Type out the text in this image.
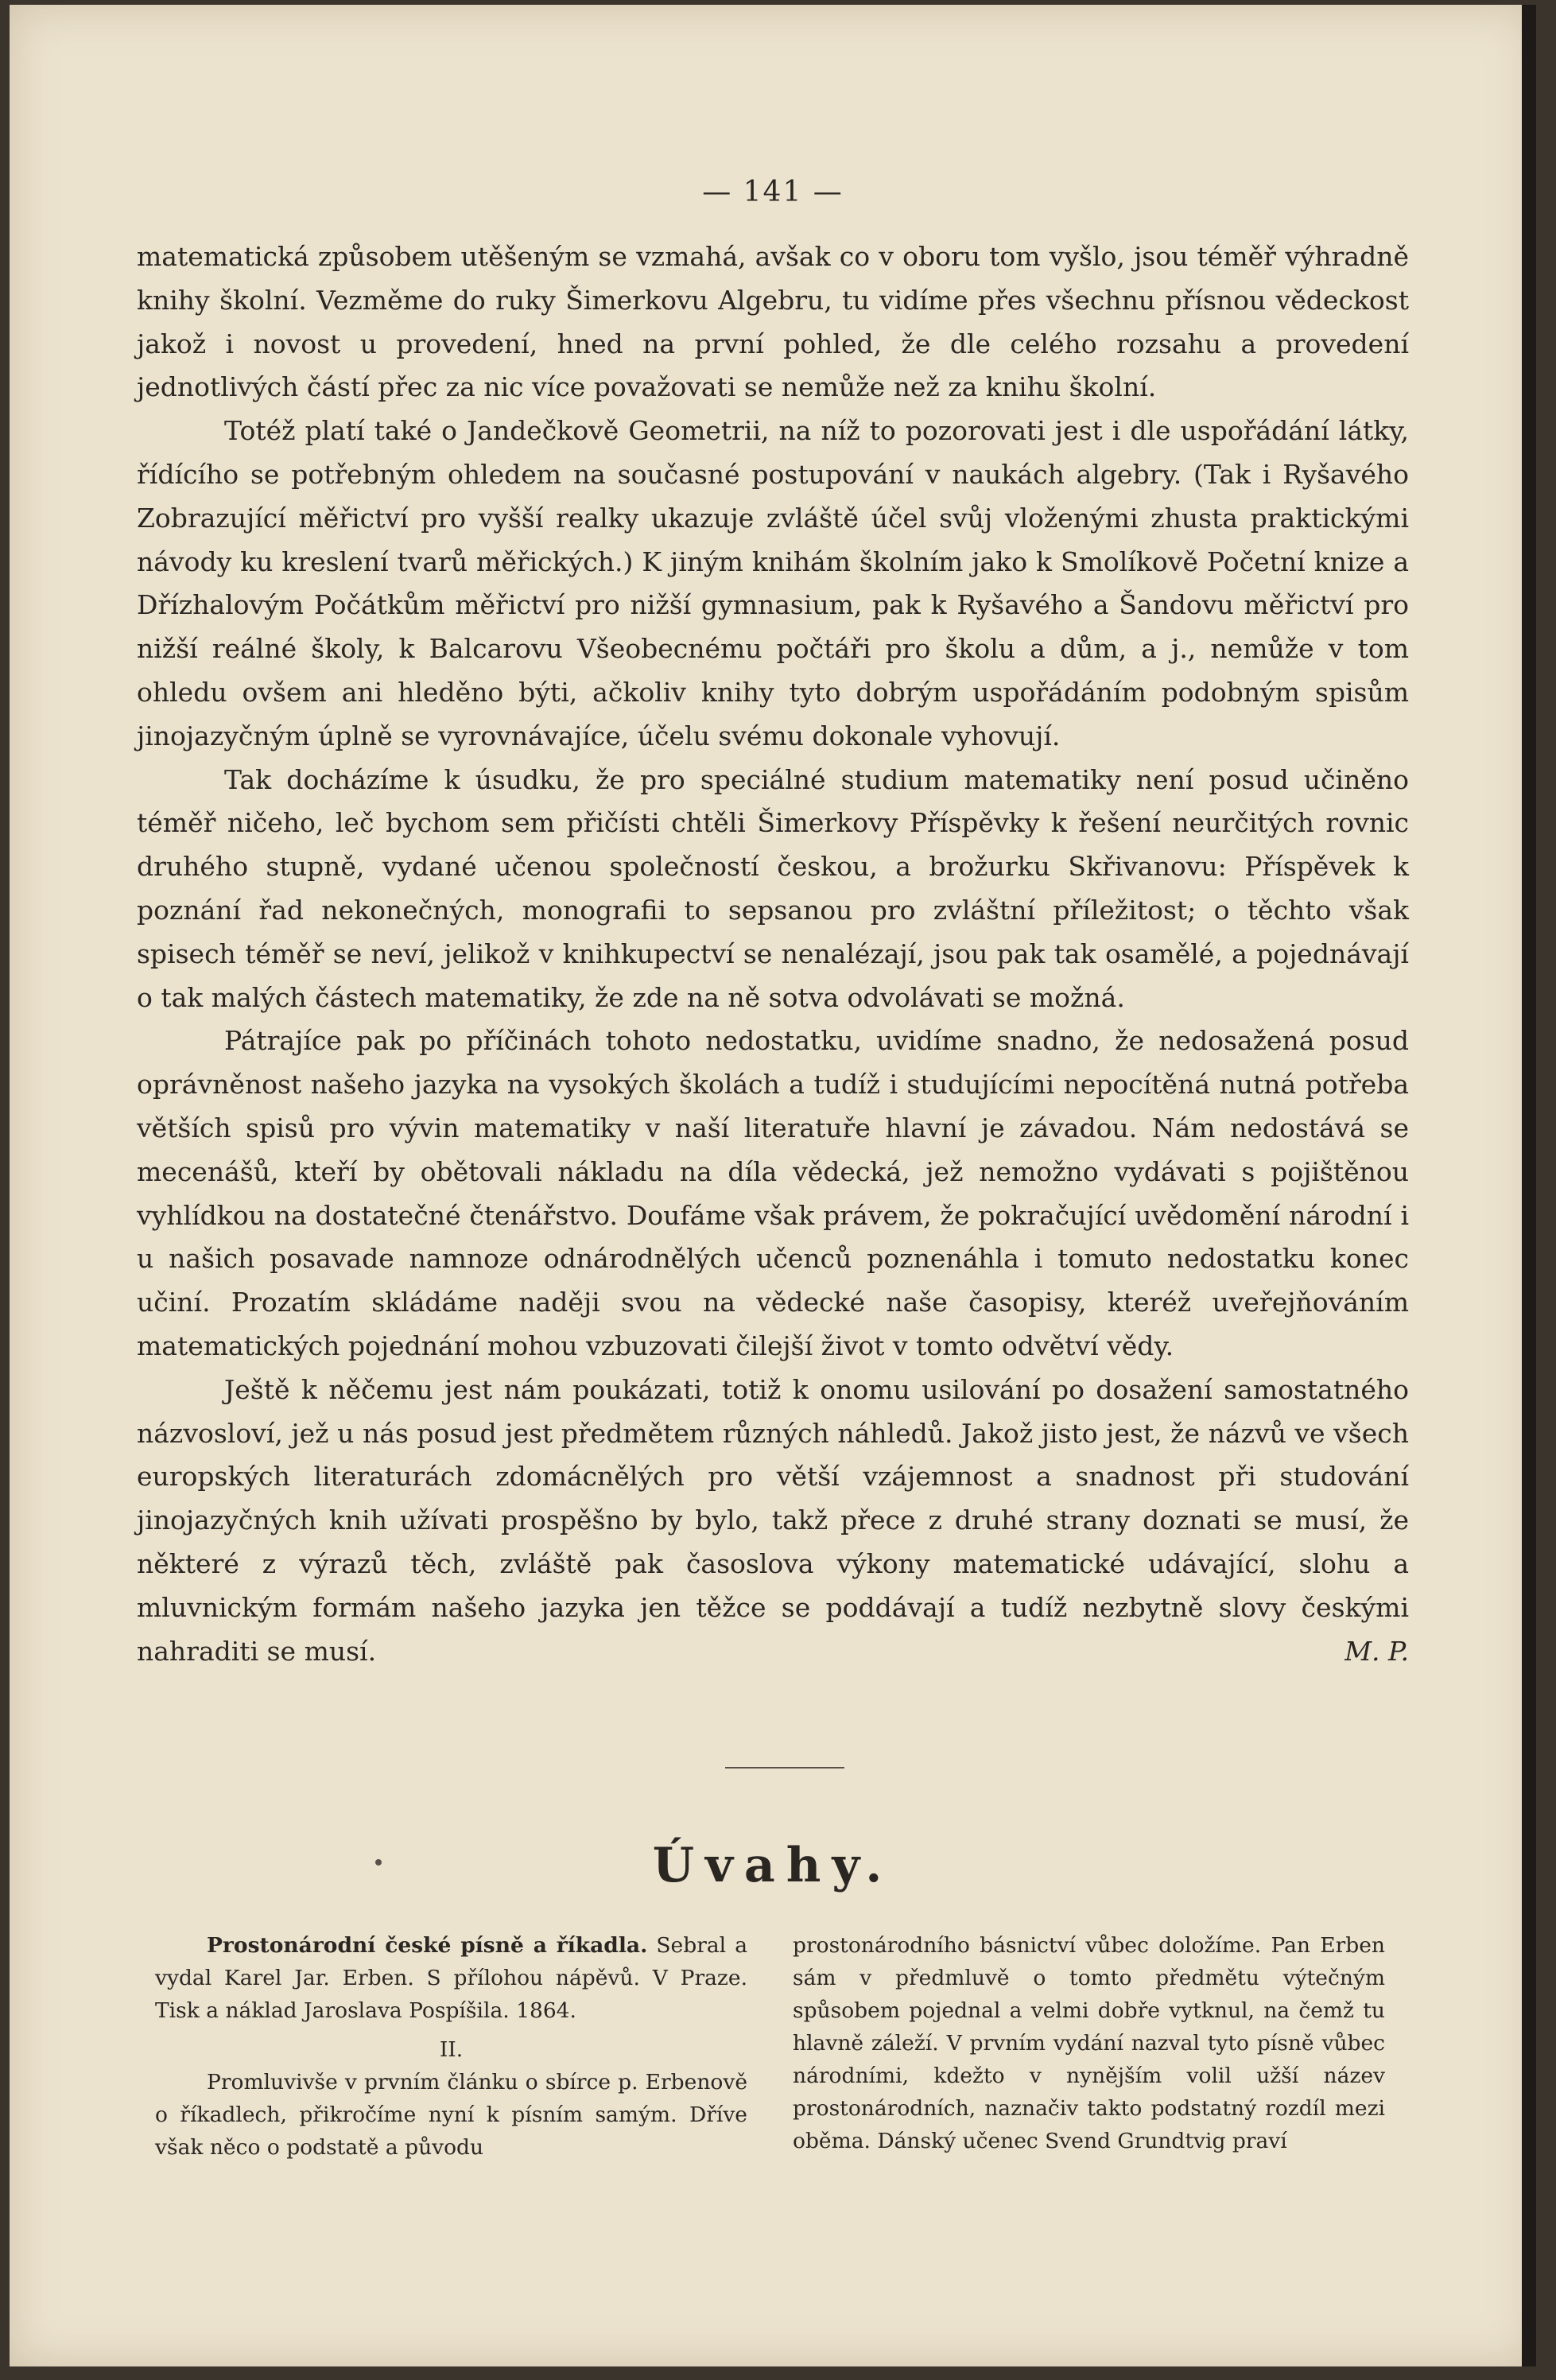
— 141 —

matematická způsobem utěšeným se vzmahá, avšak co v oboru tom vyšlo, jsou téměř výhradně knihy školní. Vezměme do ruky Šimerkovu Algebru, tu vidíme přes všechnu přísnou vědeckost jakož i novost u provedení, hned na první pohled, že dle celého rozsahu a provedení jednotlivých částí přec za nic více považovati se nemůže než za knihu školní.

Totéž platí také o Jandečkově Geometrii, na níž to pozorovati jest i dle uspořádání látky, řídícího se potřebným ohledem na současné postupování v naukách algebry. (Tak i Ryšavého Zobrazující měřictví pro vyšší realky ukazuje zvláště účel svůj vloženými zhusta praktickými návody ku kreslení tvarů měřických.) K jiným knihám školním jako k Smolíkově Početní knize a Dřízhalovým Počátkům měřictví pro nižší gymnasium, pak k Ryšavého a Šandovu měřictví pro nižší reálné školy, k Balcarovu Všeobecnému počtáři pro školu a dům, a j., nemůže v tom ohledu ovšem ani hleděno býti, ačkoliv knihy tyto dobrým uspořádáním podobným spisům jinojazyčným úplně se vyrovnávajíce, účelu svému dokonale vyhovují.

Tak docházíme k úsudku, že pro speciálné studium matematiky není posud učiněno téměř ničeho, leč bychom sem přičísti chtěli Šimerkovy Příspěvky k řešení neurčitých rovnic druhého stupně, vydané učenou společností českou, a brožurku Skřivanovu: Příspěvek k poznání řad nekonečných, monografii to sepsanou pro zvláštní příležitost; o těchto však spisech téměř se neví, jelikož v knihkupectví se nenalézají, jsou pak tak osamělé, a pojednávají o tak malých částech matematiky, že zde na ně sotva odvolávati se možná.

Pátrajíce pak po příčinách tohoto nedostatku, uvidíme snadno, že nedosažená posud oprávněnost našeho jazyka na vysokých školách a tudíž i studujícími nepocítěná nutná potřeba větších spisů pro vývin matematiky v naší literatuře hlavní je závadou. Nám nedostává se mecenášů, kteří by obětovali nákladu na díla vědecká, jež nemožno vydávati s pojištěnou vyhlídkou na dostatečné čtenářstvo. Doufáme však právem, že pokračující uvědomění národní i u našich posavade namnoze odnárodnělých učenců poznenáhla i tomuto nedostatku konec učiní. Prozatím skládáme naději svou na vědecké naše časopisy, kteréž uveřejňováním matematických pojednání mohou vzbuzovati čilejší život v tomto odvětví vědy.

Ještě k něčemu jest nám poukázati, totiž k onomu usilování po dosažení samostatného názvosloví, jež u nás posud jest předmětem různých náhledů. Jakož jisto jest, že názvů ve všech europských literaturách zdomácnělých pro větší vzájemnost a snadnost při studování jinojazyčných knih užívati prospěšno by bylo, takž přece z druhé strany doznati se musí, že některé z výrazů těch, zvláště pak časoslova výkony matematické udávající, slohu a mluvnickým formám našeho jazyka jen těžce se poddávají a tudíž nezbytně slovy českými nahraditi se musí.	M. P.

Úvahy.

Prostonárodní české písně a říkadla. Sebral a vydal Karel Jar. Erben. S přílohou nápěvů. V Praze. Tisk a náklad Jaroslava Pospíšila. 1864.

II.

Promluvivše v prvním článku o sbírce p. Erbenově o říkadlech, přikročíme nyní k písním samým. Dříve však něco o podstatě a původu

prostonárodního básnictví vůbec doložíme. Pan Erben sám v předmluvě o tomto předmětu výtečným spůsobem pojednal a velmi dobře vytknul, na čemž tu hlavně záleží. V prvním vydání nazval tyto písně vůbec národními, kdežto v nynějším volil užší název prostonárodních, naznačiv takto podstatný rozdíl mezi oběma. Dánský učenec Svend Grundtvig praví
